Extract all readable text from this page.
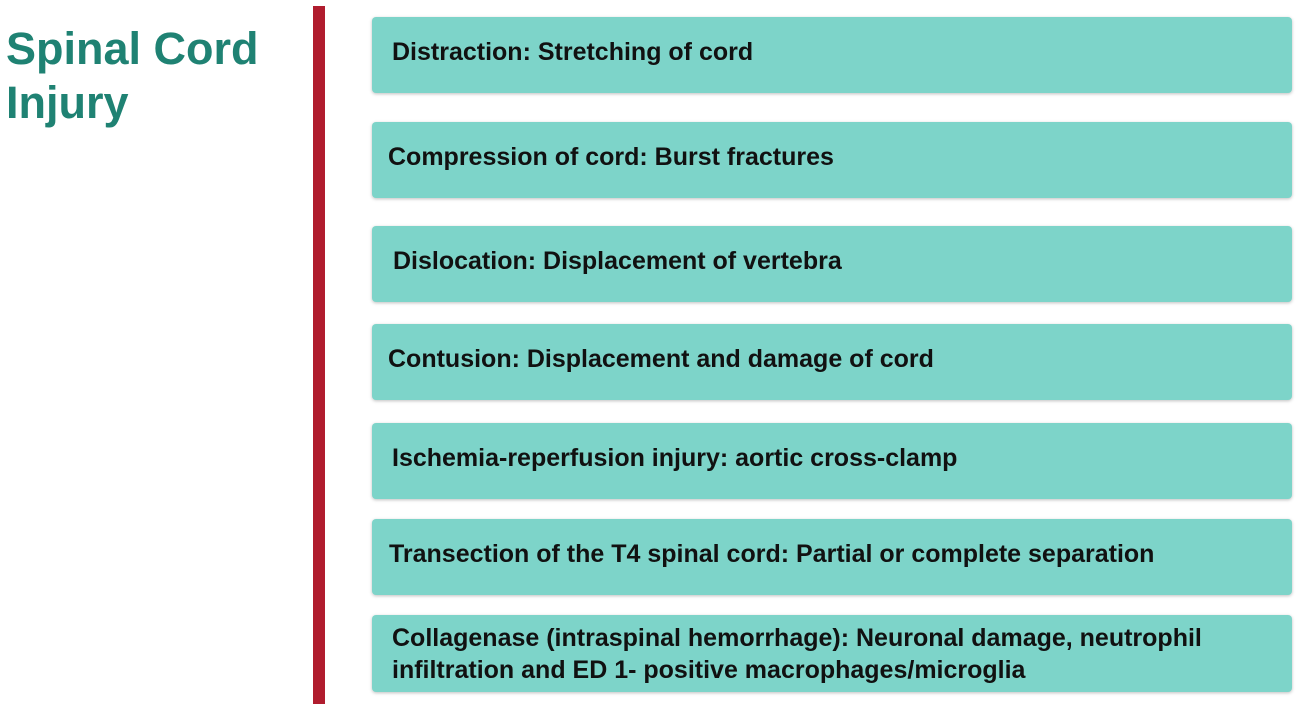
Spinal Cord Injury
Distraction: Stretching of cord
Compression of cord: Burst fractures
Dislocation: Displacement of vertebra
Contusion: Displacement and damage of cord
Ischemia-reperfusion injury: aortic cross-clamp
Transection of the T4 spinal cord: Partial or complete separation
Collagenase (intraspinal hemorrhage): Neuronal damage, neutrophil infiltration and ED 1- positive macrophages/microglia
